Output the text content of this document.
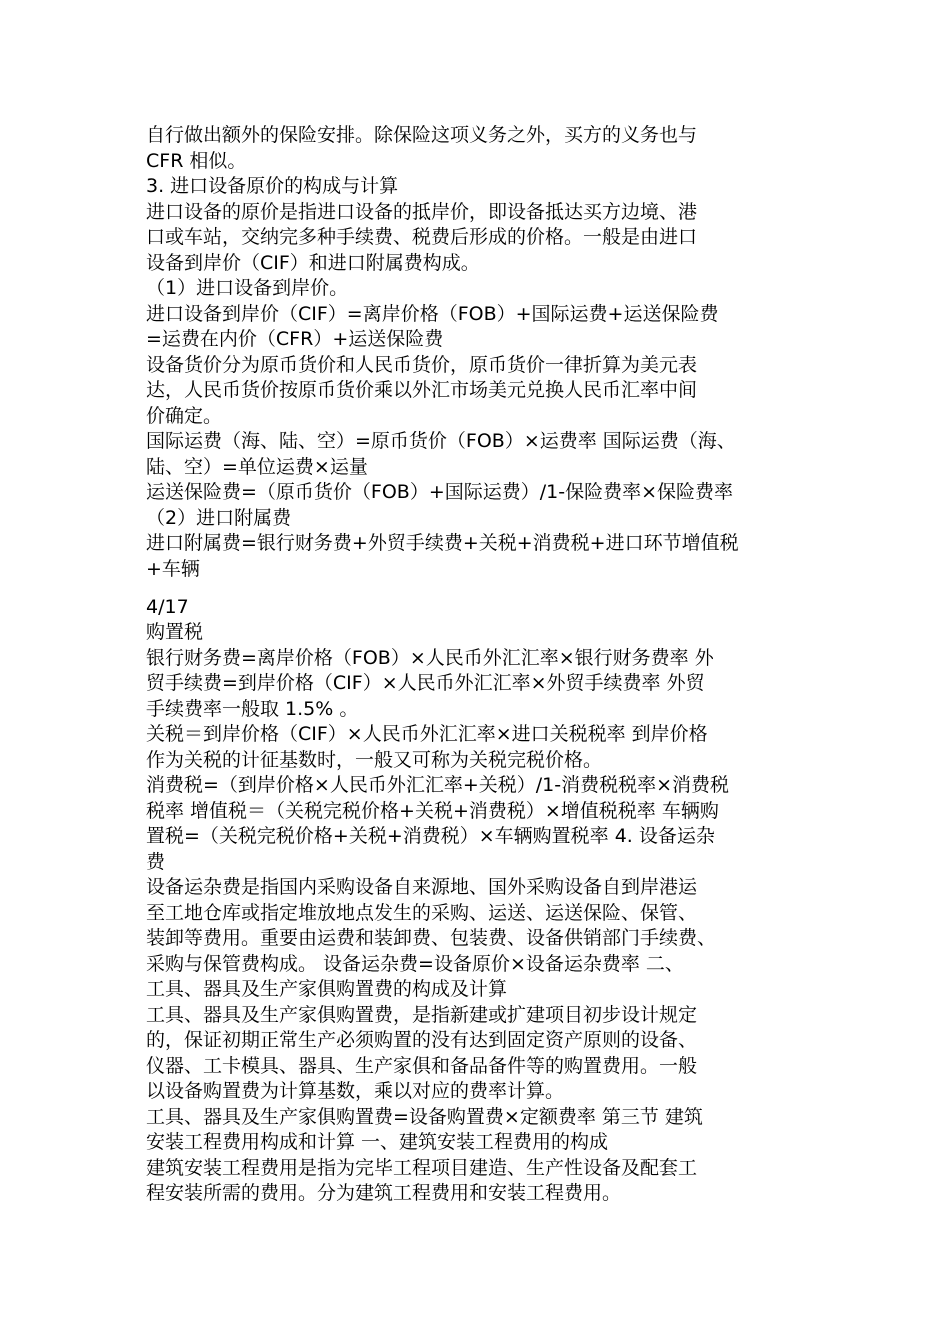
自行做出额外的保险安排。除保险这项义务之外，买方的义务也与
CFR 相似。
3. 进口设备原价的构成与计算
进口设备的原价是指进口设备的抵岸价，即设备抵达买方边境、港
口或车站，交纳完多种手续费、税费后形成的价格。一般是由进口
设备到岸价（CIF）和进口附属费构成。
（1）进口设备到岸价。
进口设备到岸价（CIF）=离岸价格（FOB）+国际运费+运送保险费
=运费在内价（CFR）+运送保险费
设备货价分为原币货价和人民币货价，原币货价一律折算为美元表
达，人民币货价按原币货价乘以外汇市场美元兑换人民币汇率中间
价确定。
国际运费（海、陆、空）=原币货价（FOB）×运费率 国际运费（海、
陆、空）=单位运费×运量
运送保险费=（原币货价（FOB）+国际运费）/1-保险费率×保险费率
（2）进口附属费
进口附属费=银行财务费+外贸手续费+关税+消费税+进口环节增值税
+车辆
4/17
购置税
银行财务费=离岸价格（FOB）×人民币外汇汇率×银行财务费率 外
贸手续费=到岸价格（CIF）×人民币外汇汇率×外贸手续费率 外贸
手续费率一般取 1.5% 。
关税＝到岸价格（CIF）×人民币外汇汇率×进口关税税率 到岸价格
作为关税的计征基数时，一般又可称为关税完税价格。
消费税=（到岸价格×人民币外汇汇率+关税）/1-消费税税率×消费税
税率 增值税＝（关税完税价格+关税+消费税）×增值税税率 车辆购
置税=（关税完税价格+关税+消费税）×车辆购置税率 4. 设备运杂
费
设备运杂费是指国内采购设备自来源地、国外采购设备自到岸港运
至工地仓库或指定堆放地点发生的采购、运送、运送保险、保管、
装卸等费用。重要由运费和装卸费、包装费、设备供销部门手续费、
采购与保管费构成。 设备运杂费=设备原价×设备运杂费率 二、
工具、器具及生产家俱购置费的构成及计算
工具、器具及生产家俱购置费，是指新建或扩建项目初步设计规定
的，保证初期正常生产必须购置的没有达到固定资产原则的设备、
仪器、工卡模具、器具、生产家俱和备品备件等的购置费用。一般
以设备购置费为计算基数，乘以对应的费率计算。
工具、器具及生产家俱购置费=设备购置费×定额费率 第三节 建筑
安装工程费用构成和计算 一、建筑安装工程费用的构成
建筑安装工程费用是指为完毕工程项目建造、生产性设备及配套工
程安装所需的费用。分为建筑工程费用和安装工程费用。
